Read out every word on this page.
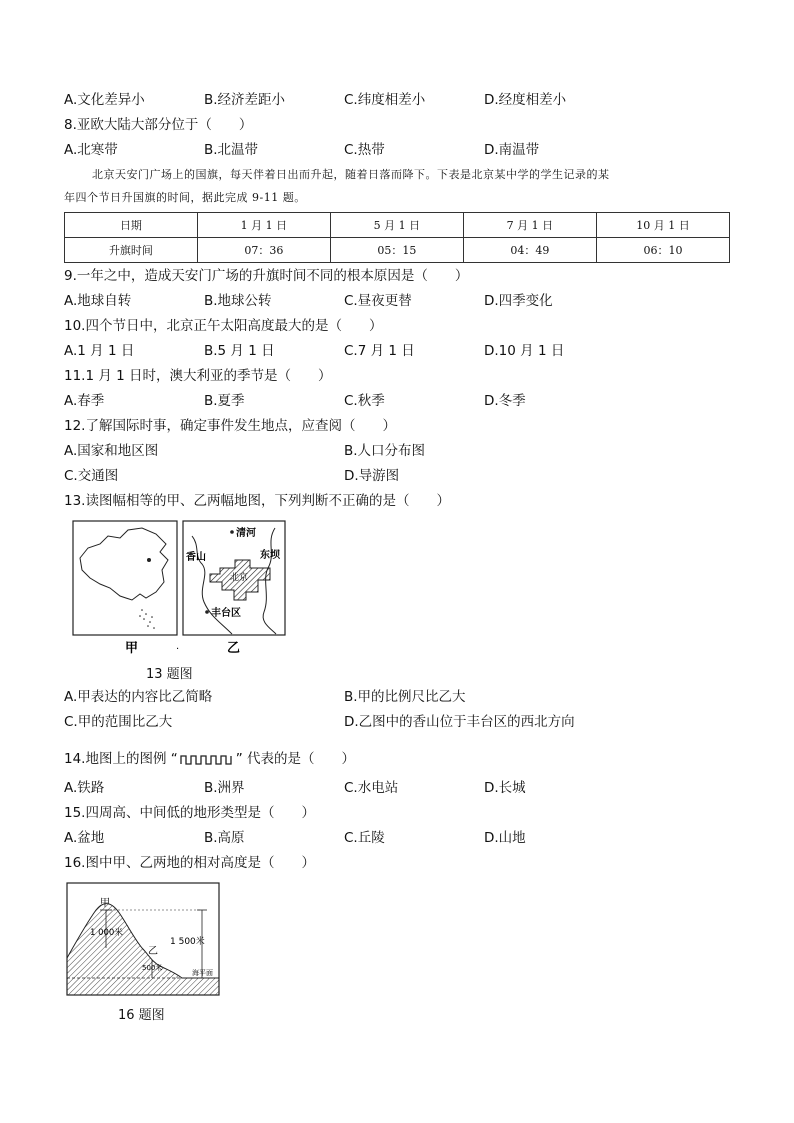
A.文化差异小	B.经济差距小	C.纬度相差小	D.经度相差小
8.亚欧大陆大部分位于（　　）
A.北寒带	B.北温带	C.热带	D.南温带
北京天安门广场上的国旗，每天伴着日出而升起，随着日落而降下。下表是北京某中学的学生记录的某
年四个节日升国旗的时间，据此完成 9-11 题。
日期	1 月 1 日	5 月 1 日	7 月 1 日	10 月 1 日
升旗时间	07：36	05：15	04：49	06：10
9.一年之中，造成天安门广场的升旗时间不同的根本原因是（　　）
A.地球自转	B.地球公转	C.昼夜更替	D.四季变化
10.四个节日中，北京正午太阳高度最大的是（　　）
A.1 月 1 日	B.5 月 1 日	C.7 月 1 日	D.10 月 1 日
11.1 月 1 日时，澳大利亚的季节是（　　）
A.春季	B.夏季	C.秋季	D.冬季
12.了解国际时事，确定事件发生地点，应查阅（　　）
A.国家和地区图	B.人口分布图
C.交通图	D.导游图
13.读图幅相等的甲、乙两幅地图，下列判断不正确的是（　　）
甲
清河
香山	东坝
北京
丰台区
乙
·
13 题图
A.甲表达的内容比乙简略	B.甲的比例尺比乙大
C.甲的范围比乙大	D.乙图中的香山位于丰台区的西北方向
14.地图上的图例 “	” 代表的是（　　）
A.铁路	B.洲界	C.水电站	D.长城
15.四周高、中间低的地形类型是（　　）
A.盆地	B.高原	C.丘陵	D.山地
16.图中甲、乙两地的相对高度是（　　）
甲
1 000米
乙
500米
1 500米
海平面
16 题图
